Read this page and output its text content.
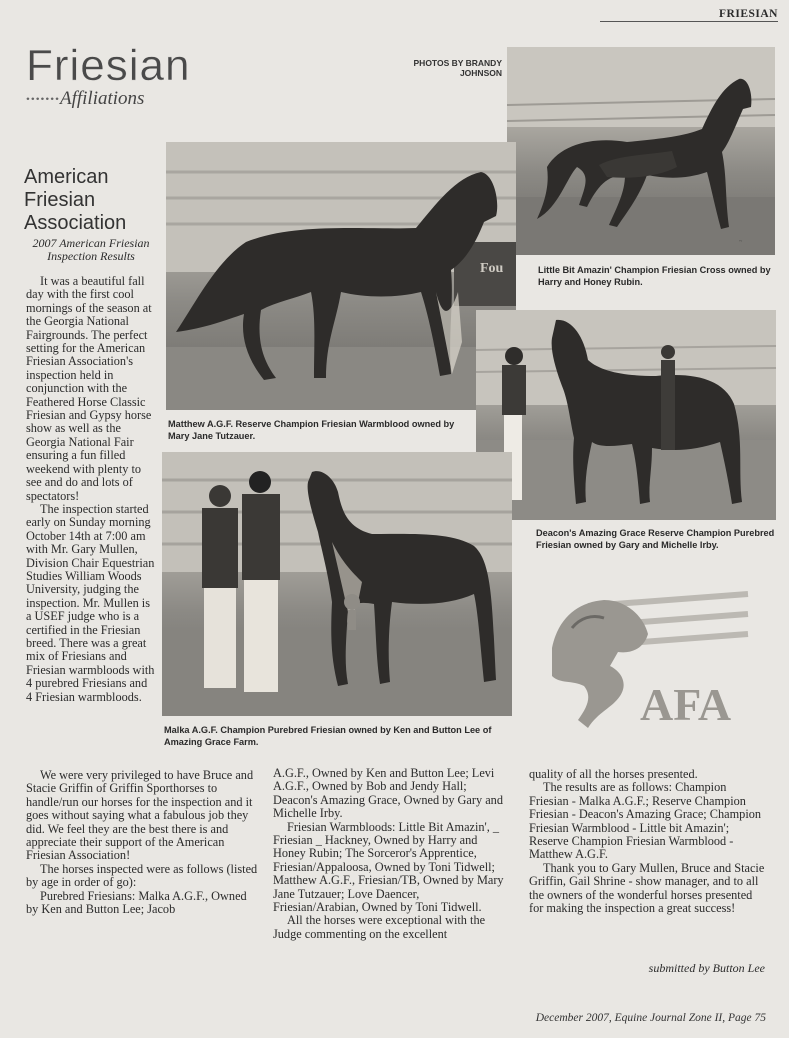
FRIESIAN
Friesian
•••••••Affiliations
PHOTOS BY BRANDY JOHNSON
~
Little Bit Amazin' Champion Friesian Cross owned by Harry and Honey Rubin.
Fou
Matthew A.G.F. Reserve Champion Friesian Warmblood owned by Mary Jane Tutzauer.
Deacon's Amazing Grace Reserve Champion Purebred Friesian owned by Gary and Michelle Irby.
Malka A.G.F. Champion Purebred Friesian owned by Ken and Button Lee of Amazing Grace Farm.
AFA
American Friesian Association
2007 American Friesian Inspection Results

It was a beautiful fall day with the first cool mornings of the season at the Georgia National Fairgrounds. The perfect setting for the American Friesian Association's inspection held in conjunction with the Feathered Horse Classic Friesian and Gypsy horse show as well as the Georgia National Fair ensuring a fun filled weekend with plenty to see and do and lots of spectators!

The inspection started early on Sunday morning October 14th at 7:00 am with Mr. Gary Mullen, Division Chair Equestrian Studies William Woods University, judging the inspection. Mr. Mullen is a USEF judge who is a certified in the Friesian breed. There was a great mix of Friesians and Friesian warmbloods with 4 purebred Friesians and 4 Friesian warmbloods.

We were very privileged to have Bruce and Stacie Griffin of Griffin Sporthorses to handle/run our horses for the inspection and it goes without saying what a fabulous job they did. We feel they are the best there is and appreciate their support of the American Friesian Association!

The horses inspected were as follows (listed by age in order of go):

Purebred Friesians: Malka A.G.F., Owned by Ken and Button Lee; Jacob

A.G.F., Owned by Ken and Button Lee; Levi A.G.F., Owned by Bob and Jendy Hall; Deacon's Amazing Grace, Owned by Gary and Michelle Irby.

Friesian Warmbloods: Little Bit Amazin', _ Friesian _ Hackney, Owned by Harry and Honey Rubin; The Sorceror's Apprentice, Friesian/Appaloosa, Owned by Toni Tidwell; Matthew A.G.F., Friesian/TB, Owned by Mary Jane Tutzauer; Love Daencer, Friesian/Arabian, Owned by Toni Tidwell.

All the horses were exceptional with the Judge commenting on the excellent

quality of all the horses presented.

The results are as follows: Champion Friesian - Malka A.G.F.; Reserve Champion Friesian - Deacon's Amazing Grace; Champion Friesian Warmblood - Little bit Amazin'; Reserve Champion Friesian Warmblood - Matthew A.G.F.

Thank you to Gary Mullen, Bruce and Stacie Griffin, Gail Shrine - show manager, and to all the owners of the wonderful horses presented for making the inspection a great success!

submitted by Button Lee
December 2007, Equine Journal Zone II, Page 75
